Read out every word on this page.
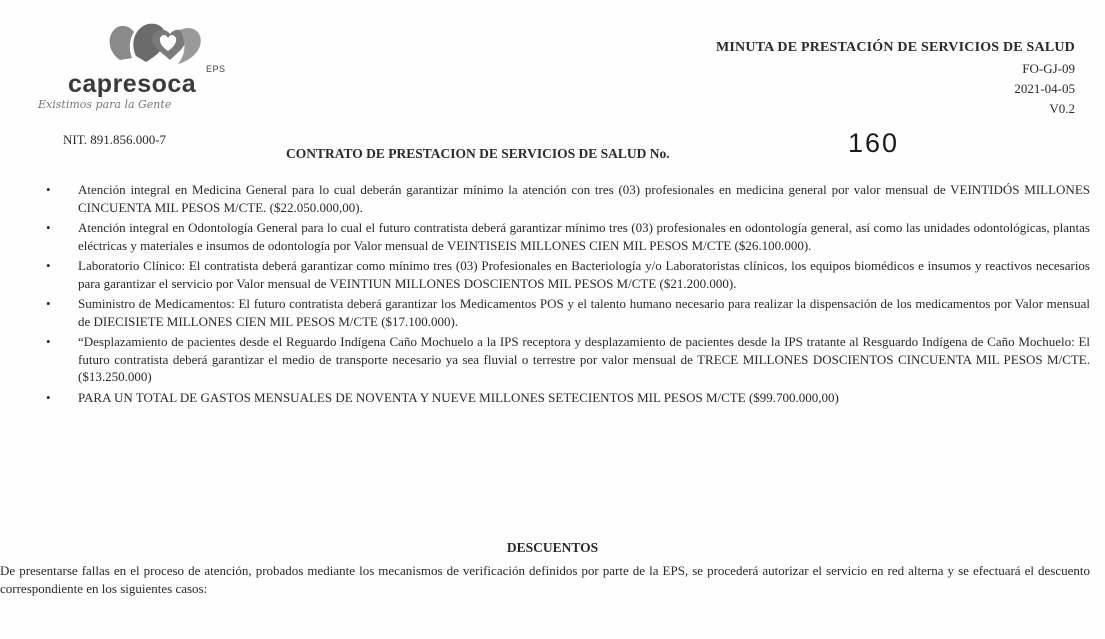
EPS
capresoca
Existimos para la Gente
NIT. 891.856.000-7
MINUTA DE PRESTACIÓN DE SERVICIOS DE SALUD
FO-GJ-09
2021-04-05
V0.2
CONTRATO DE PRESTACION DE SERVICIOS DE SALUD No.	160
• Atención integral en Medicina General para lo cual deberán garantizar mínimo la atención con tres (03) profesionales en medicina general por valor mensual de VEINTIDÓS MILLONES CINCUENTA MIL PESOS M/CTE. ($22.050.000,00).
• Atención integral en Odontología General para lo cual el futuro contratista deberá garantizar mínimo tres (03) profesionales en odontología general, así como las unidades odontológicas, plantas eléctricas y materiales e insumos de odontología por Valor mensual de VEINTISEIS MILLONES CIEN MIL PESOS M/CTE ($26.100.000).
• Laboratorio Clínico: El contratista deberá garantizar como mínimo tres (03) Profesionales en Bacteriología y/o Laboratoristas clínicos, los equipos biomédicos e insumos y reactivos necesarios para garantizar el servicio por Valor mensual de VEINTIUN MILLONES DOSCIENTOS MIL PESOS M/CTE ($21.200.000).
• Suministro de Medicamentos: El futuro contratista deberá garantizar los Medicamentos POS y el talento humano necesario para realizar la dispensación de los medicamentos por Valor mensual de DIECISIETE MILLONES CIEN MIL PESOS M/CTE ($17.100.000).
• “Desplazamiento de pacientes desde el Reguardo Indígena Caño Mochuelo a la IPS receptora y desplazamiento de pacientes desde la IPS tratante al Resguardo Indígena de Caño Mochuelo: El futuro contratista deberá garantizar el medio de transporte necesario ya sea fluvial o terrestre por valor mensual de TRECE MILLONES DOSCIENTOS CINCUENTA MIL PESOS M/CTE.($13.250.000)
• PARA UN TOTAL DE GASTOS MENSUALES DE NOVENTA Y NUEVE MILLONES SETECIENTOS MIL PESOS M/CTE ($99.700.000,00)
DESCUENTOS
De presentarse fallas en el proceso de atención, probados mediante los mecanismos de verificación definidos por parte de la EPS, se procederá autorizar el servicio en red alterna y se efectuará el descuento correspondiente en los siguientes casos:
